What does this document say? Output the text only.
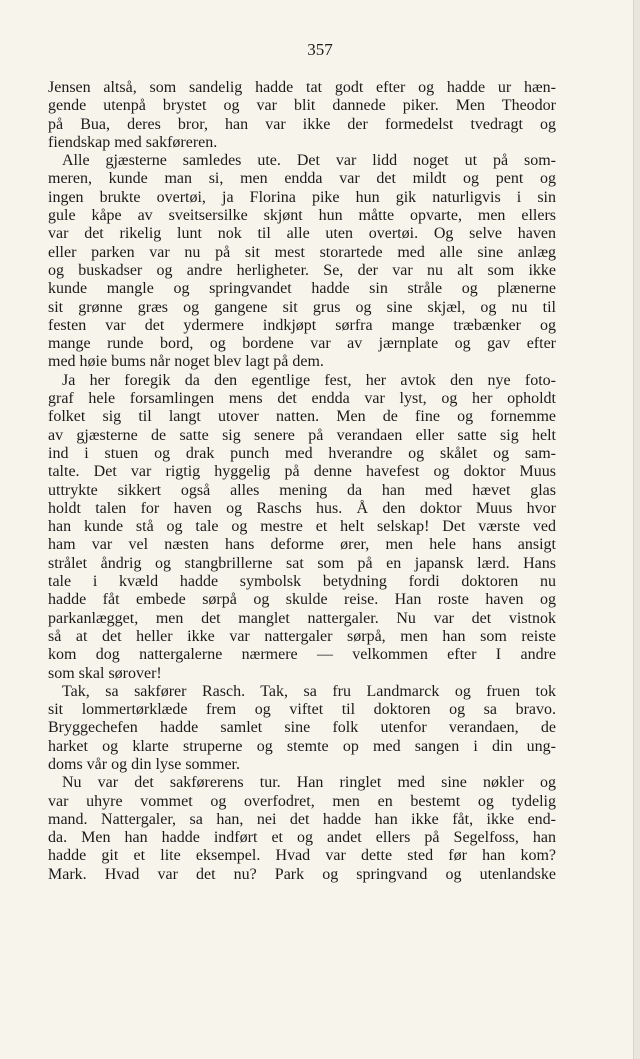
357
Jensen altså, som sandelig hadde tat godt efter og hadde ur hæn-
gende utenpå brystet og var blit dannede piker. Men Theodor
på Bua, deres bror, han var ikke der formedelst tvedragt og
fiendskap med sakføreren.
Alle gjæsterne samledes ute. Det var lidd noget ut på som-
meren, kunde man si, men endda var det mildt og pent og
ingen brukte overtøi, ja Florina pike hun gik naturligvis i sin
gule kåpe av sveitsersilke skjønt hun måtte opvarte, men ellers
var det rikelig lunt nok til alle uten overtøi. Og selve haven
eller parken var nu på sit mest storartede med alle sine anlæg
og buskadser og andre herligheter. Se, der var nu alt som ikke
kunde mangle og springvandet hadde sin stråle og plænerne
sit grønne græs og gangene sit grus og sine skjæl, og nu til
festen var det ydermere indkjøpt sørfra mange træbænker og
mange runde bord, og bordene var av jærnplate og gav efter
med høie bums når noget blev lagt på dem.
Ja her foregik da den egentlige fest, her avtok den nye foto-
graf hele forsamlingen mens det endda var lyst, og her opholdt
folket sig til langt utover natten. Men de fine og fornemme
av gjæsterne de satte sig senere på verandaen eller satte sig helt
ind i stuen og drak punch med hverandre og skålet og sam-
talte. Det var rigtig hyggelig på denne havefest og doktor Muus
uttrykte sikkert også alles mening da han med hævet glas
holdt talen for haven og Raschs hus. Å den doktor Muus hvor
han kunde stå og tale og mestre et helt selskap! Det værste ved
ham var vel næsten hans deforme ører, men hele hans ansigt
strålet åndrig og stangbrillerne sat som på en japansk lærd. Hans
tale i kvæld hadde symbolsk betydning fordi doktoren nu
hadde fåt embede sørpå og skulde reise. Han roste haven og
parkanlægget, men det manglet nattergaler. Nu var det vistnok
så at det heller ikke var nattergaler sørpå, men han som reiste
kom dog nattergalerne nærmere — velkommen efter I andre
som skal sørover!
Tak, sa sakfører Rasch. Tak, sa fru Landmarck og fruen tok
sit lommertørklæde frem og viftet til doktoren og sa bravo.
Bryggechefen hadde samlet sine folk utenfor verandaen, de
harket og klarte struperne og stemte op med sangen i din ung-
doms vår og din lyse sommer.
Nu var det sakførerens tur. Han ringlet med sine nøkler og
var uhyre vommet og overfodret, men en bestemt og tydelig
mand. Nattergaler, sa han, nei det hadde han ikke fåt, ikke end-
da. Men han hadde indført et og andet ellers på Segelfoss, han
hadde git et lite eksempel. Hvad var dette sted før han kom?
Mark. Hvad var det nu? Park og springvand og utenlandske
